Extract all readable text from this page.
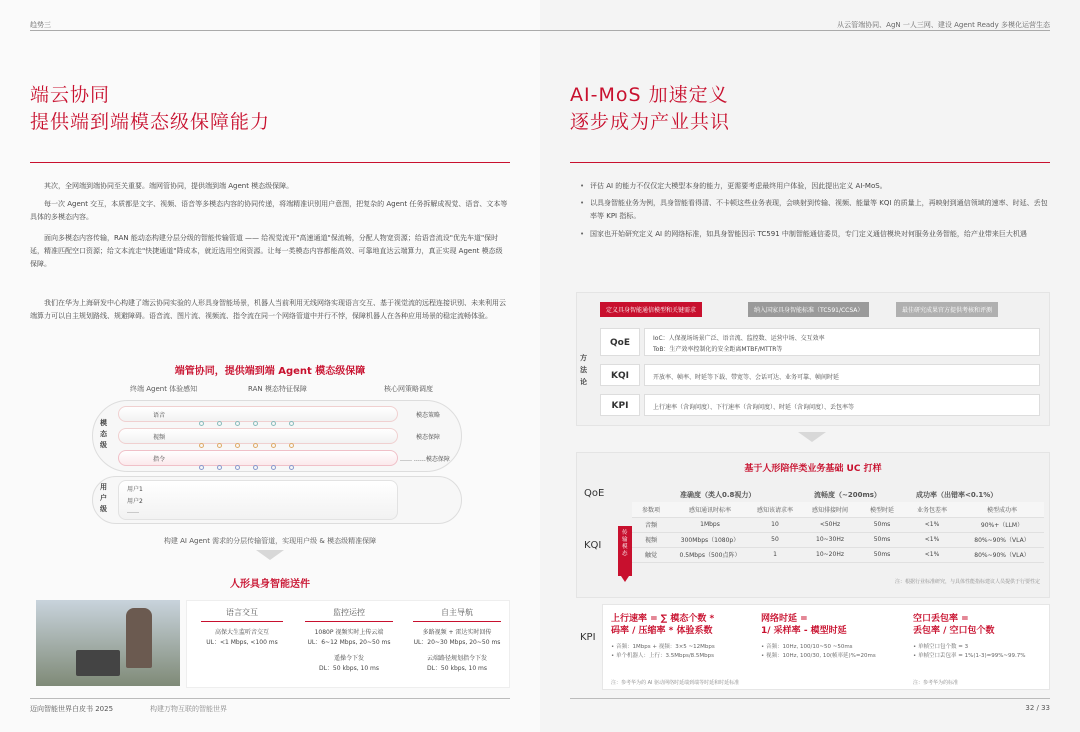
趋势三
端云协同
提供端到端模态级保障能力
其次，全网端到端协同至关重要。端网管协同，提供端到端 Agent 模态级保障。
每一次 Agent 交互，本质都是文字、视频、语音等多模态内容的协同传递，将端精准识别用户意图，把复杂的 Agent 任务拆解成视觉、语音、文本等具体的多模态内容。
面向多模态内容传输，RAN 能动态构建分层分级的智能传输管道 —— 给视觉流开"高速通道"保流畅，分配人物宽资源；给语音流设"优先车道"保时延，精准匹配空口资源；给文本流走"快捷通道"降成本，就近选用空闲资源。让每一类模态内容都能高效、可靠地直达云端算力，真正实现 Agent 模态级保障。
我们在华为上海研发中心构建了端云协同实验的人形具身智能场景，机器人当前利用无线网络实现语言交互、基于视觉流的远程连接识别、未来利用云端算力可以自主规划路线、规避障碍。语音流、图片流、视频流、指令流在同一个网络管道中并行不悖，保障机器人在各种应用场景的稳定流畅体验。
端管协同，提供端到端 Agent 模态级保障
终端 Agent 体验感知	RAN 模态特征保障	核心网策略调度
模态级
语音
视频
指令
模态策略
模态保障
…… ……模态保障
用户级
用户1
用户2
……
构建 AI Agent 需求的分层传输管道，实现用户级 & 模态级精准保障
人形具身智能送件
语言交互
高保大生监听音交互
UL：<1 Mbps, <100 ms
监控运控
1080P 视频实时上传云端
UL：6~12 Mbps, 20~50 ms
遥操令下发
DL：50 kbps, 10 ms
自主导航
多路视频 + 雷达实时回传
UL：20~30 Mbps, 20~50 ms
云端路径规划指令下发
DL：50 kbps, 10 ms
迈向智能世界白皮书 2025	构建万物互联的智能世界
从云管端协同、AgN 一人三网、建设 Agent Ready 多模化运营生态
AI-MoS 加速定义
逐步成为产业共识
• 评估 AI 的能力不仅仅定大模型本身的能力，更需要考虑最终用户体验，因此提出定义 AI-MoS。
• 以具身智能业务为例，具身智能看得清、不卡顿这些业务表现，会映射到传输、视频、能量等 KQI 的质量上，再映射到通信领域的速率、时延、丢包率等 KPI 指标。
• 国家也开始研究定义 AI 的网络标准，如具身智能因示 TC591 中制智能通信委员，专门定义通信模块对何服务业务智能，给产业带来巨大机遇
定义具身智能通信模型和关键需求	纳入国家具身智能标准（TC591/CCSA）	最佳研究成果官方提供考核和评测
方法论
QoE	IoC：人保视场场景广泛、语音流、监控数、运营中场、交互效率
ToB：生产效率控制化的安全距离MTBF/MTTR等
KQI	开放率、帧率、时延等下载、带宽等、会话可达、业务可靠、帧间时延
KPI	上行速率（含询问度）、下行速率（含询问度）、时延（含询问度）、丢包率等
基于人形陪伴类业务基础 UC 打样
QoE
KQI
传输模态
准确度（类人0.8视力）	流畅度（~200ms）	成功率（出错率<0.1%）
参数项	感知通讯时标率	感知该请求率	感知排接时间	模型时延	业务包差率	模型成功率
音频	1Mbps	10	<50Hz	50ms	<1%	90%+（LLM）
视频	300Mbps（1080p）	50	10~30Hz	50ms	<1%	80%~90%（VLA）
触觉	0.5Mbps（500点阵）	1	10~20Hz	50ms	<1%	80%~90%（VLA）
注：根据行业标准研究，与具体性能指标建议人员提供于行要性定
KPI
上行速率 = ∑ 模态个数 *
码率 / 压缩率 * 体验系数
• 音频：1Mbps + 视频：3×5 ~12Mbps
• 单个机器人：上行：3.5Mbps/8.5Mbps
网络时延 =
1/ 采样率 - 模型时延
• 音频：10Hz, 100/10~50 ~50ms
• 视频：10Hz, 100/30, 10(帧率延)%=20ms
空口丢包率 =
丢包率 / 空口包个数
• 单帧空口包个数 = 3
• 单帧空口丢包率 = 1%(1-3)=99%~99.7%
注：参考华为的 AI 驱动网络时延端到端等时延和时延标准	注：参考华为的标准
32 / 33
